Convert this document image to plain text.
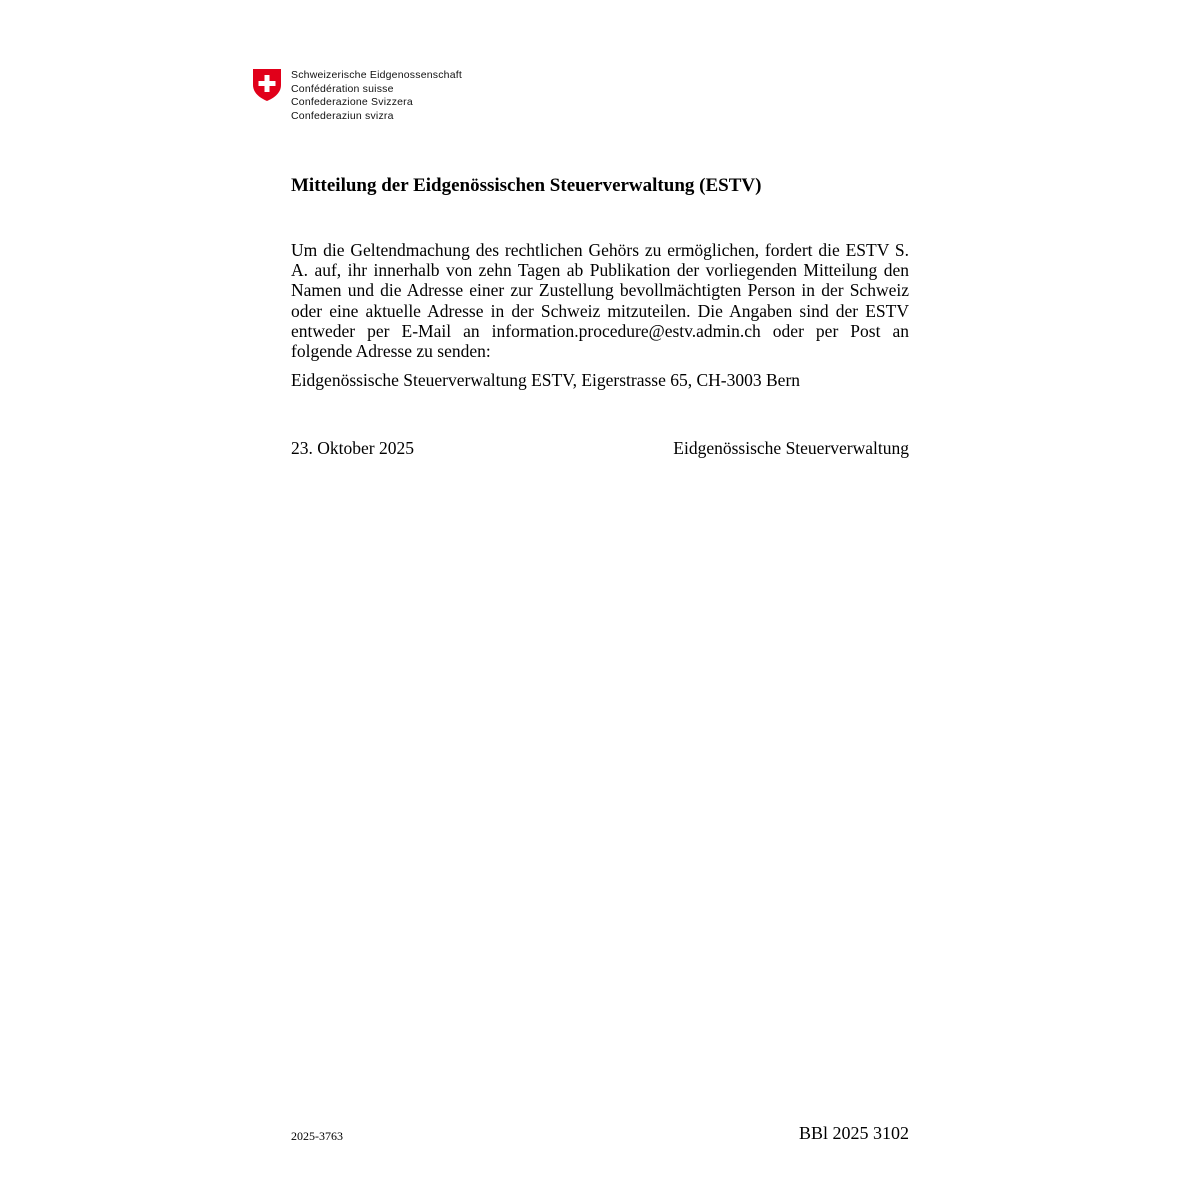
Schweizerische Eidgenossenschaft
Confédération suisse
Confederazione Svizzera
Confederaziun svizra
Mitteilung der Eidgenössischen Steuerverwaltung (ESTV)
Um die Geltendmachung des rechtlichen Gehörs zu ermöglichen, fordert die ESTV S. A. auf, ihr innerhalb von zehn Tagen ab Publikation der vorliegenden Mitteilung den Namen und die Adresse einer zur Zustellung bevollmächtigten Person in der Schweiz oder eine aktuelle Adresse in der Schweiz mitzuteilen. Die Angaben sind der ESTV entweder per E-Mail an information.procedure@estv.admin.ch oder per Post an folgende Adresse zu senden:
Eidgenössische Steuerverwaltung ESTV, Eigerstrasse 65, CH-3003 Bern
23. Oktober 2025	Eidgenössische Steuerverwaltung
2025-3763	BBl 2025 3102
